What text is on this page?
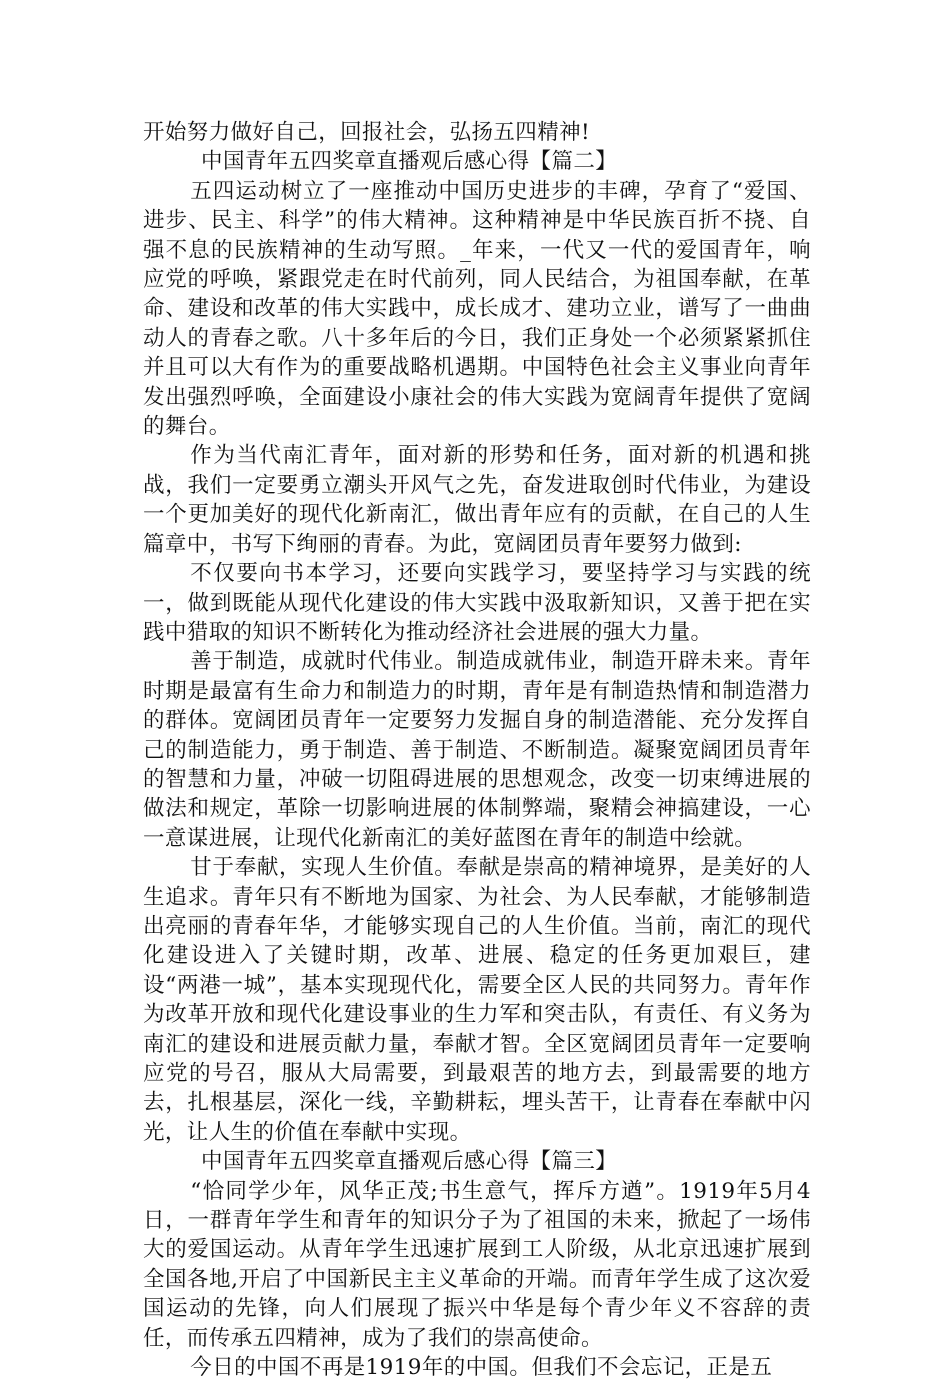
开始努力做好自己，回报社会，弘扬五四精神!

中国青年五四奖章直播观后感心得【篇二】

五四运动树立了一座推动中国历史进步的丰碑，孕育了“爱国、进步、民主、科学”的伟大精神。这种精神是中华民族百折不挠、自强不息的民族精神的生动写照。_年来，一代又一代的爱国青年，响应党的呼唤，紧跟党走在时代前列，同人民结合，为祖国奉献，在革命、建设和改革的伟大实践中，成长成才、建功立业，谱写了一曲曲动人的青春之歌。八十多年后的今日，我们正身处一个必须紧紧抓住并且可以大有作为的重要战略机遇期。中国特色社会主义事业向青年发出强烈呼唤，全面建设小康社会的伟大实践为宽阔青年提供了宽阔的舞台。

作为当代南汇青年，面对新的形势和任务，面对新的机遇和挑战，我们一定要勇立潮头开风气之先，奋发进取创时代伟业，为建设一个更加美好的现代化新南汇，做出青年应有的贡献，在自己的人生篇章中，书写下绚丽的青春。为此，宽阔团员青年要努力做到:

不仅要向书本学习，还要向实践学习，要坚持学习与实践的统一，做到既能从现代化建设的伟大实践中汲取新知识，又善于把在实践中猎取的知识不断转化为推动经济社会进展的强大力量。

善于制造，成就时代伟业。制造成就伟业，制造开辟未来。青年时期是最富有生命力和制造力的时期，青年是有制造热情和制造潜力的群体。宽阔团员青年一定要努力发掘自身的制造潜能、充分发挥自己的制造能力，勇于制造、善于制造、不断制造。凝聚宽阔团员青年的智慧和力量，冲破一切阻碍进展的思想观念，改变一切束缚进展的做法和规定，革除一切影响进展的体制弊端，聚精会神搞建设，一心一意谋进展，让现代化新南汇的美好蓝图在青年的制造中绘就。

甘于奉献，实现人生价值。奉献是崇高的精神境界，是美好的人生追求。青年只有不断地为国家、为社会、为人民奉献，才能够制造出亮丽的青春年华，才能够实现自己的人生价值。当前，南汇的现代化建设进入了关键时期，改革、进展、稳定的任务更加艰巨，建设“两港一城”，基本实现现代化，需要全区人民的共同努力。青年作为改革开放和现代化建设事业的生力军和突击队，有责任、有义务为南汇的建设和进展贡献力量，奉献才智。全区宽阔团员青年一定要响应党的号召，服从大局需要，到最艰苦的地方去，到最需要的地方去，扎根基层，深化一线，辛勤耕耘，埋头苦干，让青春在奉献中闪光，让人生的价值在奉献中实现。

中国青年五四奖章直播观后感心得【篇三】

“恰同学少年，风华正茂;书生意气，挥斥方遒”。1919年5月4日，一群青年学生和青年的知识分子为了祖国的未来，掀起了一场伟大的爱国运动。从青年学生迅速扩展到工人阶级，从北京迅速扩展到全国各地,开启了中国新民主主义革命的开端。而青年学生成了这次爱国运动的先锋，向人们展现了振兴中华是每个青少年义不容辞的责任，而传承五四精神，成为了我们的崇高使命。

今日的中国不再是1919年的中国。但我们不会忘记，正是五
